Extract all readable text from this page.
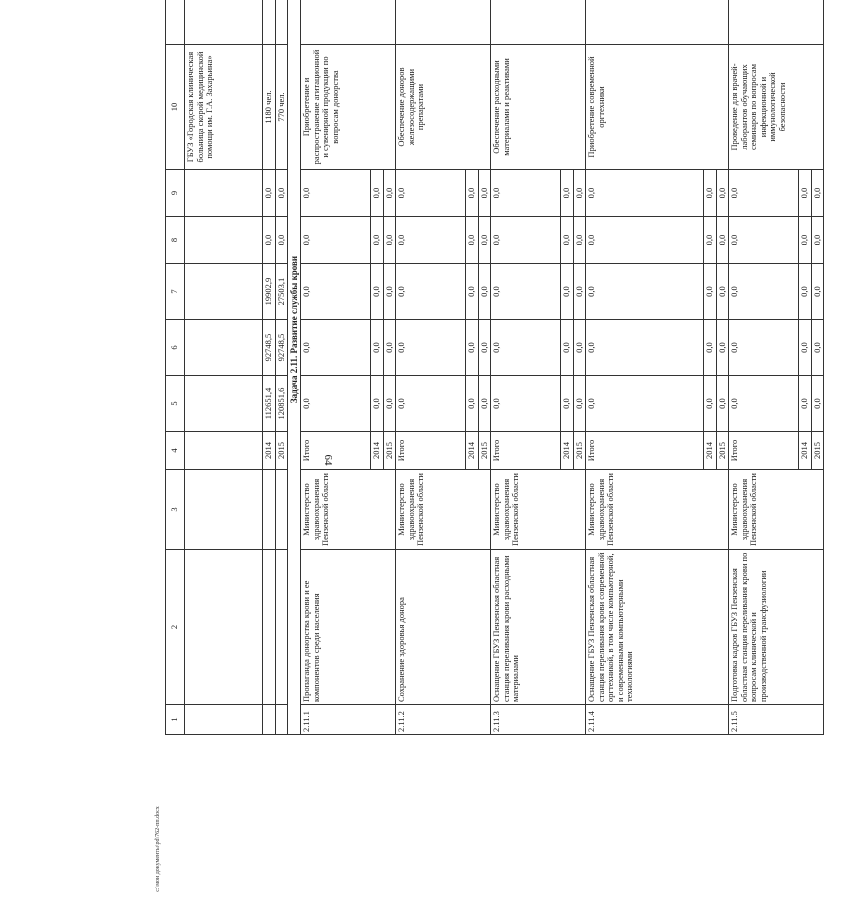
64
1	2	3	4	5	6	7	8	9	10	
									ГБУЗ «Городская клиническая больница скорой медицинской помощи им. Г.А. Захарьина»	
			2014	112651,4	92748,5	19902,9	0,0	0,0	1180 чел.	
			2015	120851,6	92748,5	27503,1	0,0	0,0	770 чел.	
Задача 2.11. Развитие службы крови										
2.11.1	Пропаганда донорства крови и ее компонентов среди населения	Министерство здравоохранения Пензенской области	Итого	0,0	0,0	0,0	0,0	0,0	Приобретение и распространение агитационной и сувенирной продукции по вопросам донорства	
			2014	0,0	0,0	0,0	0,0	0,0		
			2015	0,0	0,0	0,0	0,0	0,0		
2.11.2	Сохранение здоровья донора	Министерство здравоохранения Пензенской области	Итого	0,0	0,0	0,0	0,0	0,0	Обеспечение доноров железосодержащими препаратами	
			2014	0,0	0,0	0,0	0,0	0,0		
			2015	0,0	0,0	0,0	0,0	0,0		
2.11.3	Оснащение ГБУЗ Пензенская областная станция переливания крови расходными материалами	Министерство здравоохранения Пензенской области	Итого	0,0	0,0	0,0	0,0	0,0	Обеспечение расходными материалами и реактивами	
			2014	0,0	0,0	0,0	0,0	0,0		
			2015	0,0	0,0	0,0	0,0	0,0		
2.11.4	Оснащение ГБУЗ Пензенская областная станция переливания крови современной оргтехникой, в том числе компьютерной, и современными компьютерными технологиями	Министерство здравоохранения Пензенской области	Итого	0,0	0,0	0,0	0,0	0,0	Приобретение современной оргтехники	
			2014	0,0	0,0	0,0	0,0	0,0		
			2015	0,0	0,0	0,0	0,0	0,0		
2.11.5	Подготовка кадров ГБУЗ Пензенская областная станция переливания крови по вопросам клинической и производственной трансфузиологии	Министерство здравоохранения Пензенской области	Итого	0,0	0,0	0,0	0,0	0,0	Проведение для врачей-лаборантов обучающих семинаров по вопросам инфекционной и иммунологической безопасности	
			2014	0,0	0,0	0,0	0,0	0,0		
			2015	0,0	0,0	0,0	0,0	0,0		
c:\мои документы\pd\762-пп.docx
